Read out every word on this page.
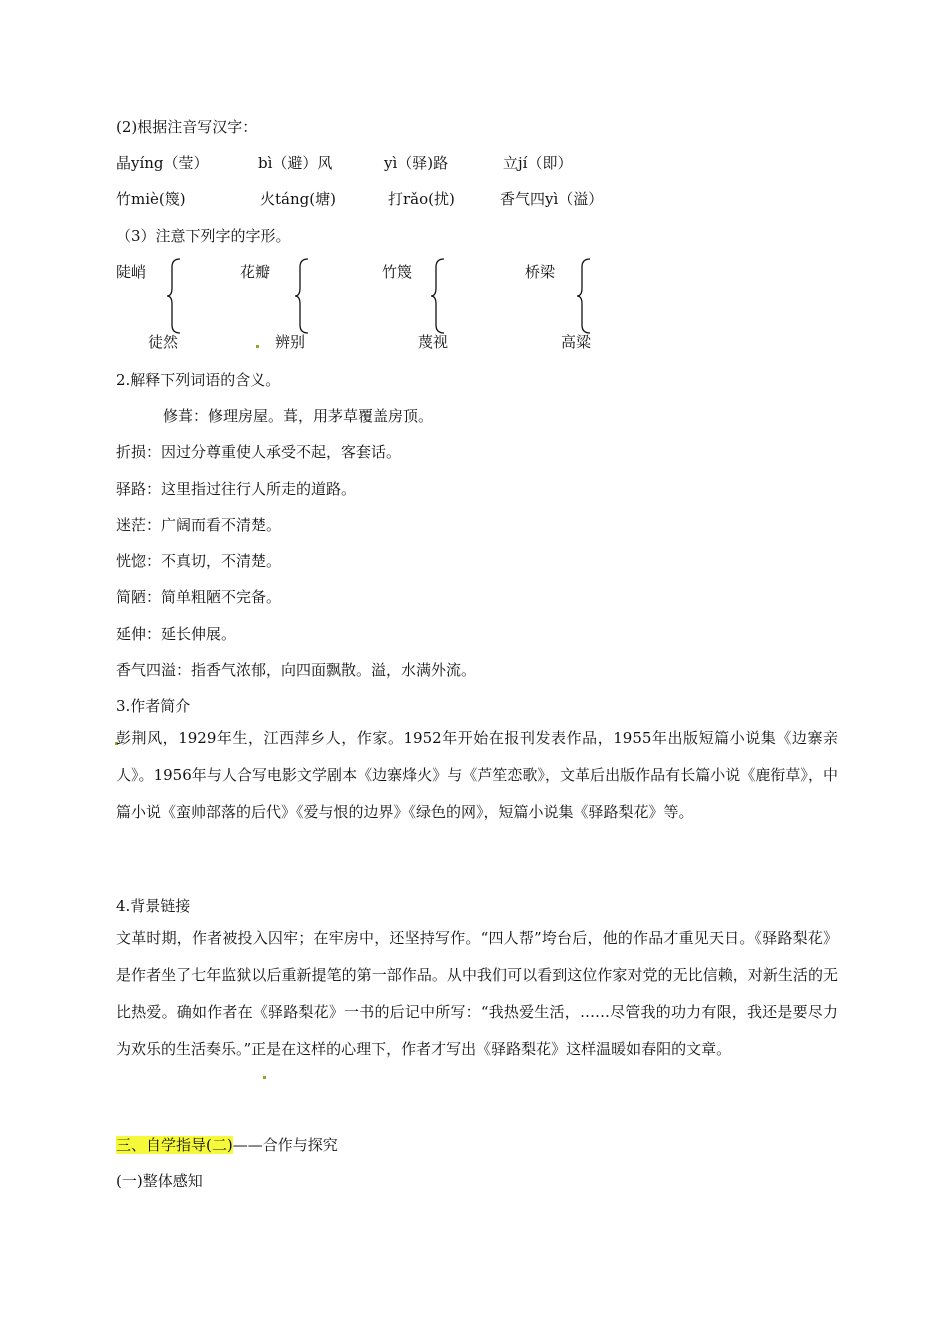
(2)根据注音写汉字：
晶yíng（莹）	bì（避）风	yì（驿)路	立jí（即）
竹miè(篾)	火táng(塘)	打rǎo(扰)	香气四yì（溢）
（3）注意下列字的字形。
陡峭	花瓣	竹篾	桥梁
徒然	辨别	蔑视	高粱
2.解释下列词语的含义。
修葺：修理房屋。葺，用茅草覆盖房顶。
折损：因过分尊重使人承受不起，客套话。
驿路：这里指过往行人所走的道路。
迷茫：广阔而看不清楚。
恍惚：不真切，不清楚。
简陋：简单粗陋不完备。
延伸：延长伸展。
香气四溢：指香气浓郁，向四面飘散。溢，水满外流。
3.作者简介
彭荆风，1929年生，江西萍乡人，作家。1952年开始在报刊发表作品，1955年出版短篇小说集《边寨亲人》。1956年与人合写电影文学剧本《边寨烽火》与《芦笙恋歌》，文革后出版作品有长篇小说《鹿衔草》，中篇小说《蛮帅部落的后代》《爱与恨的边界》《绿色的网》，短篇小说集《驿路梨花》等。
4.背景链接
文革时期，作者被投入囚牢；在牢房中，还坚持写作。“四人帮”垮台后，他的作品才重见天日。《驿路梨花》是作者坐了七年监狱以后重新提笔的第一部作品。从中我们可以看到这位作家对党的无比信赖，对新生活的无比热爱。确如作者在《驿路梨花》一书的后记中所写：“我热爱生活，……尽管我的功力有限，我还是要尽力为欢乐的生活奏乐。”正是在这样的心理下，作者才写出《驿路梨花》这样温暖如春阳的文章。
三、自学指导(二)——合作与探究
(一)整体感知
